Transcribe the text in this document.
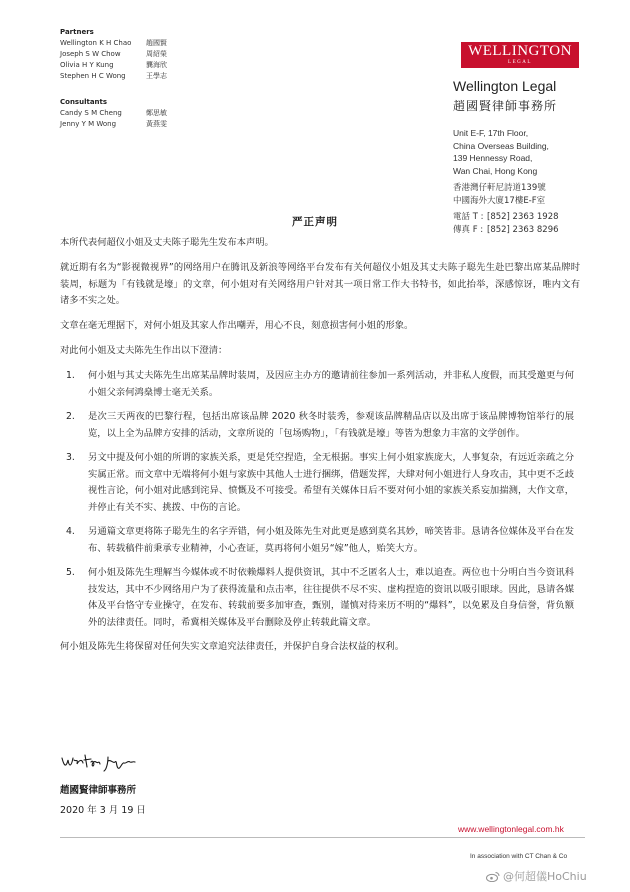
Partners
Wellington K H Chao	趙國賢
Joseph S W Chow	周紹榮
Olivia H Y Kung	龔海欣
Stephen H C Wong	王學志
Consultants
Candy S M Cheng	鄭思敏
Jenny Y M Wong	黃燕雯
WELLINGTON
LEGAL
Wellington Legal
趙國賢律師事務所
Unit E-F, 17th Floor,
China Overseas Building,
139 Hennessy Road,
Wan Chai, Hong Kong
香港灣仔軒尼詩道139號
中國海外大廈17樓E-F室
電話 T : [852] 2363 1928
傳真 F : [852] 2363 8296
严正声明

本所代表何超仪小姐及丈夫陈子聪先生发布本声明。

就近期有名为“影视微视界”的网络用户在腾讯及新浪等网络平台发布有关何超仪小姐及其丈夫陈子聪先生赴巴黎出席某品牌时装周，标题为「有钱就是壕」的文章，何小姐对有关网络用户针对其一项日常工作大书特书，如此抬举，深感惊讶，唯内文有诸多不实之处。

文章在毫无理据下，对何小姐及其家人作出嘲弄，用心不良，刻意损害何小姐的形象。

对此何小姐及丈夫陈先生作出以下澄清：

1.	何小姐与其丈夫陈先生出席某品牌时装周，及因应主办方的邀请前往参加一系列活动，并非私人度假，而其受邀更与何小姐父亲何鸿燊博士毫无关系。
2.	是次三天两夜的巴黎行程，包括出席该品牌 2020 秋冬时装秀，参观该品牌精品店以及出席于该品牌博物馆举行的展览，以上全为品牌方安排的活动，文章所说的「包场购物」，「有钱就是壕」等皆为想象力丰富的文学创作。
3.	另文中提及何小姐的所谓的家族关系，更是凭空捏造，全无根据。事实上何小姐家族庞大，人事复杂，有远近亲疏之分实属正常。而文章中无端将何小姐与家族中其他人士进行捆绑，借题发挥，大肆对何小姐进行人身攻击，其中更不乏歧视性言论，何小姐对此感到诧异、愤慨及不可接受。希望有关媒体日后不要对何小姐的家族关系妄加揣测，大作文章，并停止有关不实、挑拨、中伤的言论。
4.	另通篇文章更将陈子聪先生的名字弄错，何小姐及陈先生对此更是感到莫名其妙，啼笑皆非。恳请各位媒体及平台在发布、转载稿件前秉承专业精神，小心查证，莫再将何小姐另“嫁”他人，贻笑大方。
5.	何小姐及陈先生理解当今媒体或不时依赖爆料人提供资讯，其中不乏匿名人士，难以追查。两位也十分明白当今资讯科技发达，其中不少网络用户为了获得流量和点击率，往往提供不尽不实、虚构捏造的资讯以吸引眼球。因此，恳请各媒体及平台恪守专业操守，在发布、转载前要多加审查，甄别，谨慎对待来历不明的“爆料”，以免累及自身信誉，背负额外的法律责任。同时，希冀相关媒体及平台删除及停止转载此篇文章。

何小姐及陈先生将保留对任何失实文章追究法律责任，并保护自身合法权益的权利。

趙國賢律師事務所
2020 年 3 月 19 日
www.wellingtonlegal.com.hk
In association with CT Chan & Co
@何超儀HoChiu
